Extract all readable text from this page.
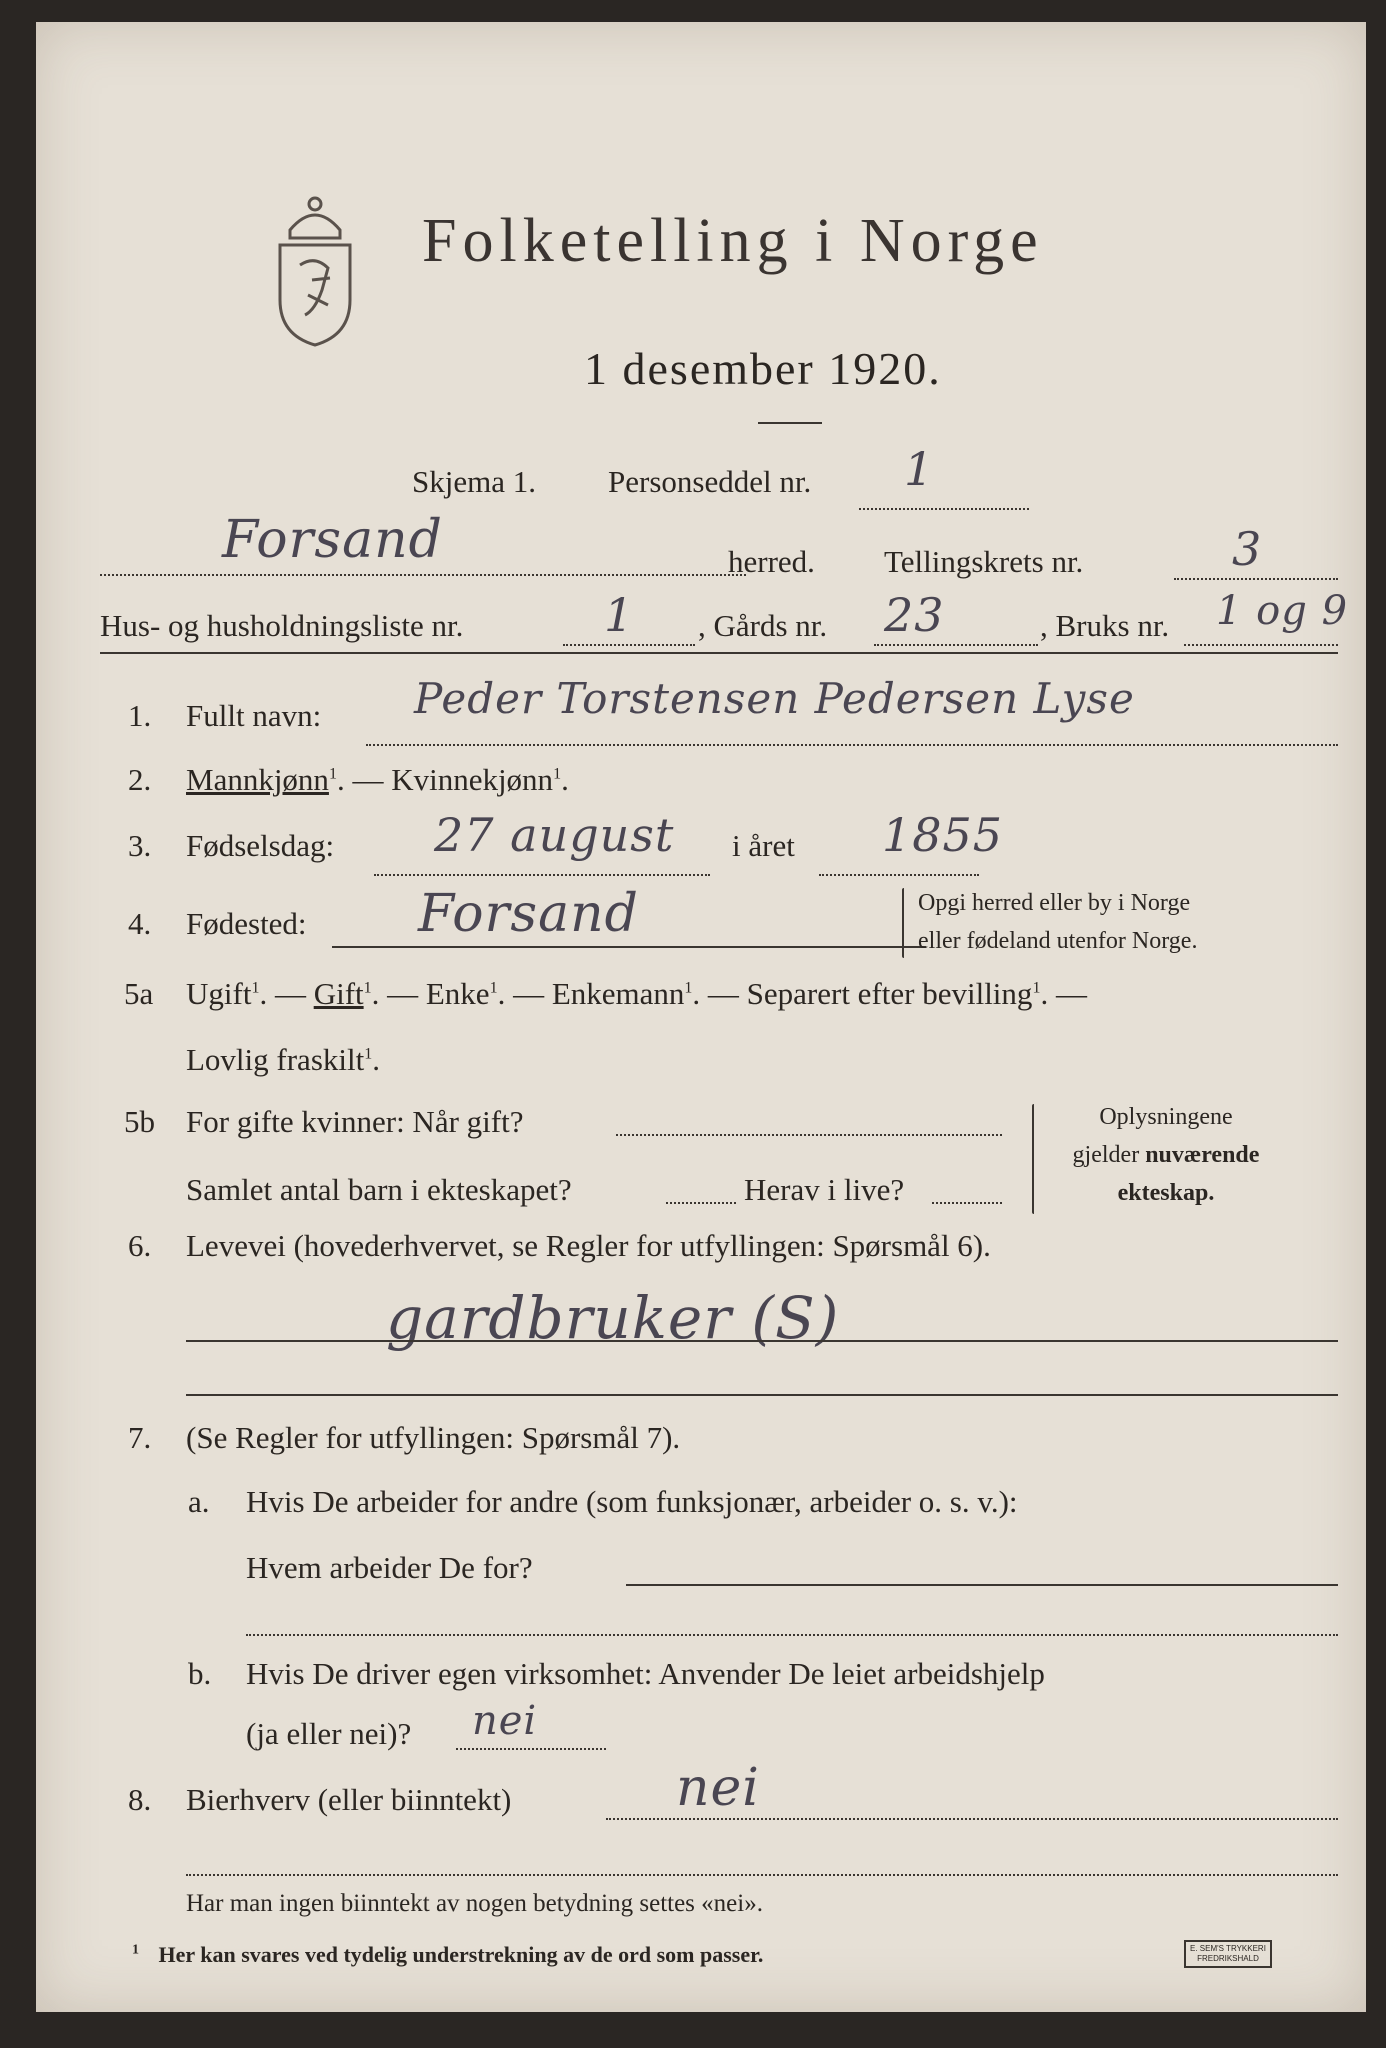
Folketelling i Norge
1 desember 1920.
Skjema 1. Personseddel nr. 1
Forsand	herred. Tellingskrets nr.	3
Hus- og husholdningsliste nr.	1 , Gårds nr. 23	, Bruks nr. 1 og 9
1. Fullt navn: Peder Torstensen Pedersen Lyse
2. Mannkjønn$^1$. — Kvinnekjønn$^1$.
3. Fødselsdag: 27 august i året 1855
4. Fødested: Forsand	Opgi herred eller by i Norge
eller fødeland utenfor Norge.
5a Ugift$^1$. — Gift$^1$. — Enke$^1$. — Enkemann$^1$. — Separert efter bevilling$^1$. —
Lovlig fraskilt$^1$.
5b For gifte kvinner: Når gift?
Samlet antal barn i ekteskapet?	Herav i live?
Oplysningene
gjelder nuværende
ekteskap.
6. Levevei (hovederhvervet, se Regler for utfyllingen: Spørsmål 6).
gardbruker (S)
7. (Se Regler for utfyllingen: Spørsmål 7).
a. Hvis De arbeider for andre (som funksjonær, arbeider o. s. v.):
Hvem arbeider De for?
b. Hvis De driver egen virksomhet: Anvender De leiet arbeidshjelp
(ja eller nei)? nei
8. Bierhverv (eller biinntekt)	nei
Har man ingen biinntekt av nogen betydning settes «nei».
$^1$ Her kan svares ved tydelig understrekning av de ord som passer.	E. SEM'S TRYKKERI
FREDRIKSHALD
